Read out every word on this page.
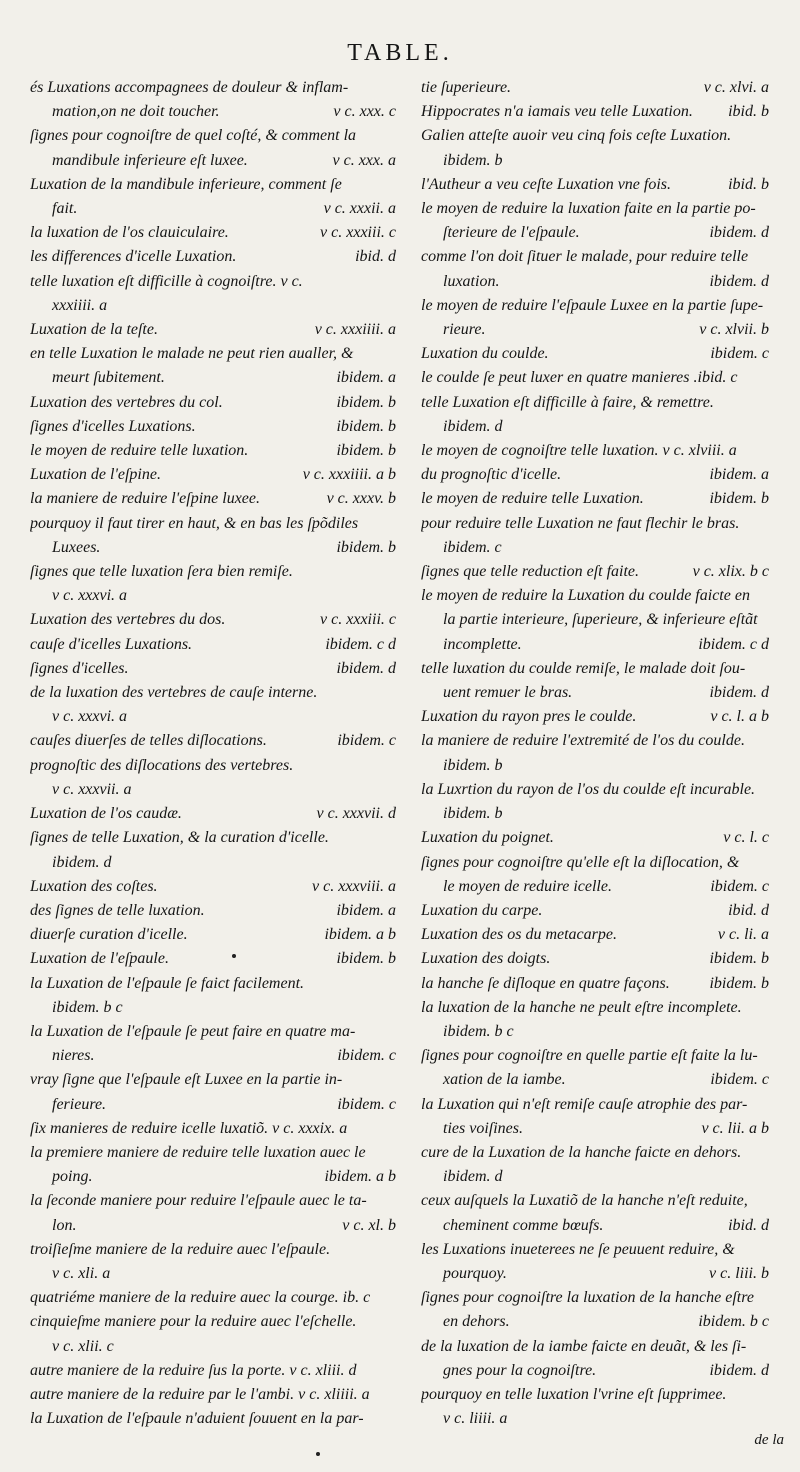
TABLE.
és Luxations accompagnees de douleur & inflam-
mation,on ne doit toucher.	v c. xxx. c
ſignes pour cognoiſtre de quel coſté, & comment la
mandibule inferieure eſt luxee.	v c. xxx. a
Luxation de la mandibule inferieure, comment ſe
fait.	v c. xxxii. a
la luxation de l'os clauiculaire.	v c. xxxiii. c
les differences d'icelle Luxation.	ibid. d
telle luxation eſt difficille à cognoiſtre. v c.
xxxiiii. a
Luxation de la teſte.	v c. xxxiiii. a
en telle Luxation le malade ne peut rien aualler, &
meurt ſubitement.	ibidem. a
Luxation des vertebres du col.	ibidem. b
ſignes d'icelles Luxations.	ibidem. b
le moyen de reduire telle luxation.	ibidem. b
Luxation de l'eſpine.	v c. xxxiiii. a b
la maniere de reduire l'eſpine luxee.	v c. xxxv. b
pourquoy il faut tirer en haut, & en bas les ſpõdiles
Luxees.	ibidem. b
ſignes que telle luxation ſera bien remiſe.
v c. xxxvi. a
Luxation des vertebres du dos.	v c. xxxiii. c
cauſe d'icelles Luxations.	ibidem. c d
ſignes d'icelles.	ibidem. d
de la luxation des vertebres de cauſe interne.
v c. xxxvi. a
cauſes diuerſes de telles diſlocations.	ibidem. c
prognoſtic des diſlocations des vertebres.
v c. xxxvii. a
Luxation de l'os caudæ.	v c. xxxvii. d
ſignes de telle Luxation, & la curation d'icelle.
ibidem. d
Luxation des coſtes.	v c. xxxviii. a
des ſignes de telle luxation.	ibidem. a
diuerſe curation d'icelle.	ibidem. a b
Luxation de l'eſpaule.	ibidem. b
la Luxation de l'eſpaule ſe faict facilement.
ibidem. b c
la Luxation de l'eſpaule ſe peut faire en quatre ma-
nieres.	ibidem. c
vray ſigne que l'eſpaule eſt Luxee en la partie in-
ferieure.	ibidem. c
ſix manieres de reduire icelle luxatiõ. v c. xxxix. a
la premiere maniere de reduire telle luxation auec le
poing.	ibidem. a b
la ſeconde maniere pour reduire l'eſpaule auec le ta-
lon.	v c. xl. b
troiſieſme maniere de la reduire auec l'eſpaule.
v c. xli. a
quatriéme maniere de la reduire auec la courge. ib. c
cinquieſme maniere pour la reduire auec l'eſchelle.
v c. xlii. c
autre maniere de la reduire ſus la porte. v c. xliii. d
autre maniere de la reduire par le l'ambi. v c. xliiii. a
la Luxation de l'eſpaule n'aduient ſouuent en la par-
tie ſuperieure.	v c. xlvi. a
Hippocrates n'a iamais veu telle Luxation.	ibid. b
Galien atteſte auoir veu cinq fois ceſte Luxation.
ibidem. b
l'Autheur a veu ceſte Luxation vne fois.	ibid. b
le moyen de reduire la luxation faite en la partie po-
ſterieure de l'eſpaule.	ibidem. d
comme l'on doit ſituer le malade, pour reduire telle
luxation.	ibidem. d
le moyen de reduire l'eſpaule Luxee en la partie ſupe-
rieure.	v c. xlvii. b
Luxation du coulde.	ibidem. c
le coulde ſe peut luxer en quatre manieres .ibid. c
telle Luxation eſt difficille à faire, & remettre.
ibidem. d
le moyen de cognoiſtre telle luxation. v c. xlviii. a
du prognoſtic d'icelle.	ibidem. a
le moyen de reduire telle Luxation.	ibidem. b
pour reduire telle Luxation ne faut flechir le bras.
ibidem. c
ſignes que telle reduction eſt faite.	v c. xlix. b c
le moyen de reduire la Luxation du coulde faicte en
la partie interieure, ſuperieure, & inferieure eſtãt
incomplette.	ibidem. c d
telle luxation du coulde remiſe, le malade doit ſou-
uent remuer le bras.	ibidem. d
Luxation du rayon pres le coulde.	v c. l. a b
la maniere de reduire l'extremité de l'os du coulde.
ibidem. b
la Luxrtion du rayon de l'os du coulde eſt incurable.
ibidem. b
Luxation du poignet.	v c. l. c
ſignes pour cognoiſtre qu'elle eſt la diſlocation, &
le moyen de reduire icelle.	ibidem. c
Luxation du carpe.	ibid. d
Luxation des os du metacarpe.	v c. li. a
Luxation des doigts.	ibidem. b
la hanche ſe diſloque en quatre façons.	ibidem. b
la luxation de la hanche ne peult eſtre incomplete.
ibidem. b c
ſignes pour cognoiſtre en quelle partie eſt faite la lu-
xation de la iambe.	ibidem. c
la Luxation qui n'eſt remiſe cauſe atrophie des par-
ties voiſines.	v c. lii. a b
cure de la Luxation de la hanche faicte en dehors.
ibidem. d
ceux auſquels la Luxatiõ de la hanche n'eſt reduite,
cheminent comme bœufs.	ibid. d
les Luxations inueterees ne ſe peuuent reduire, &
pourquoy.	v c. liii. b
ſignes pour cognoiſtre la luxation de la hanche eſtre
en dehors.	ibidem. b c
de la luxation de la iambe faicte en deuãt, & les ſi-
gnes pour la cognoiſtre.	ibidem. d
pourquoy en telle luxation l'vrine eſt ſupprimee.
v c. liiii. a
de la
